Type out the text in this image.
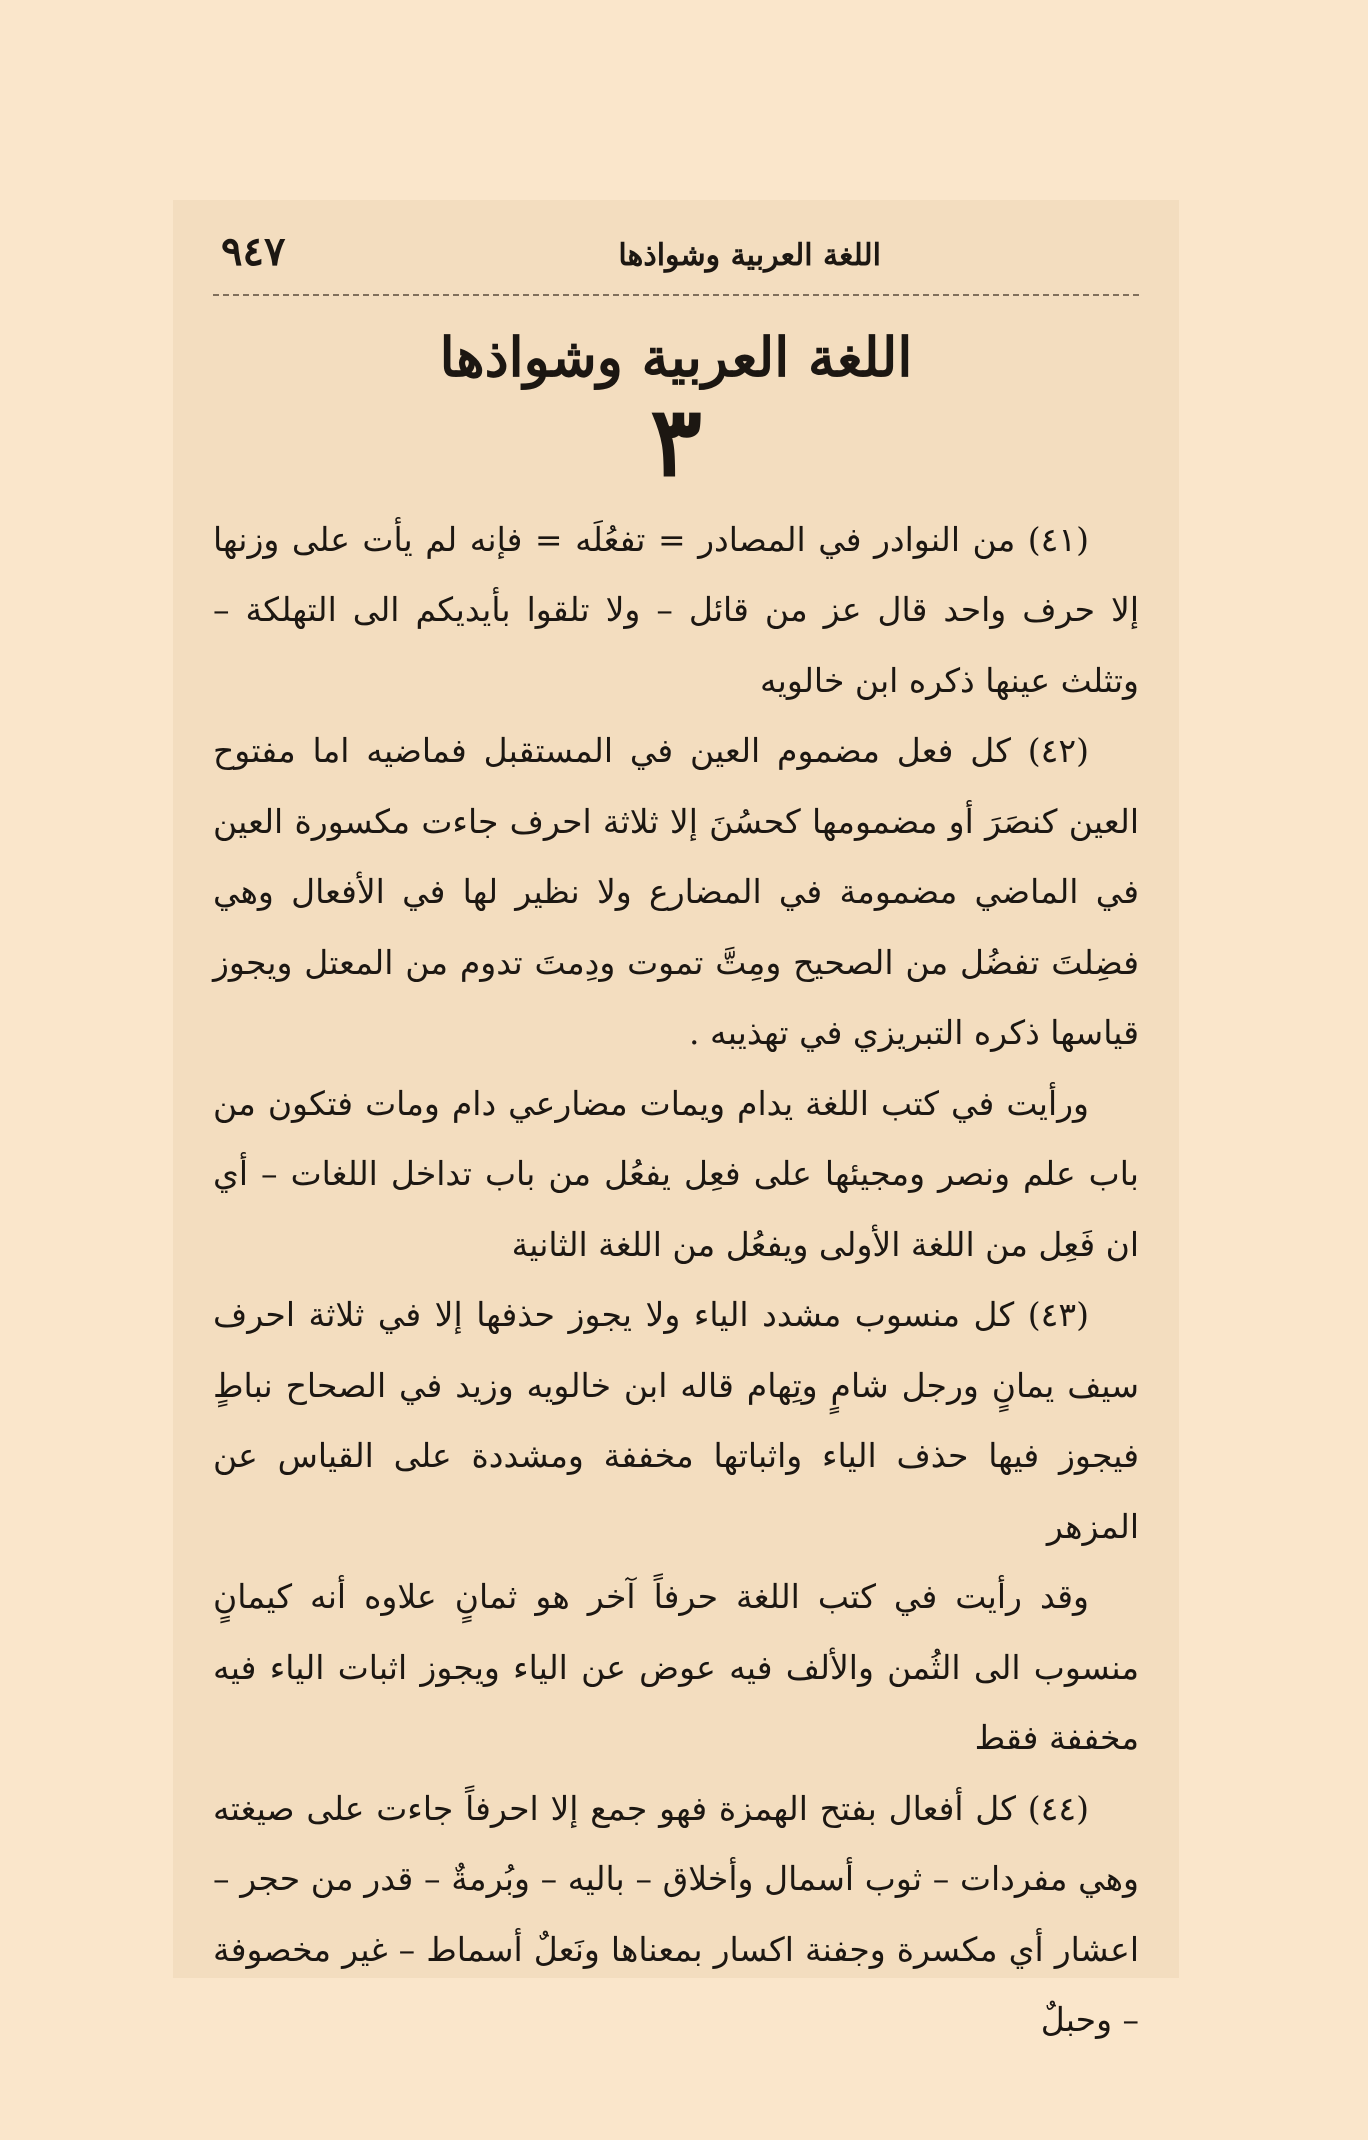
٩٤٧	اللغة العربية وشواذها
اللغة العربية وشواذها
٣

(٤١) من النوادر في المصادر = تفعُلَه = فإنه لم يأت على وزنها إلا حرف واحد قال عز من قائل – ولا تلقوا بأيديكم الى التهلكة – وتثلث عينها ذكره ابن خالويه

(٤٢) كل فعل مضموم العين في المستقبل فماضيه اما مفتوح العين كنصَرَ أو مضمومها كحسُنَ إلا ثلاثة احرف جاءت مكسورة العين في الماضي مضمومة في المضارع ولا نظير لها في الأفعال وهي فضِلتَ تفضُل من الصحيح ومِتَّ تموت ودِمتَ تدوم من المعتل ويجوز قياسها ذكره التبريزي في تهذيبه .

ورأيت في كتب اللغة يدام ويمات مضارعي دام ومات فتكون من باب علم ونصر ومجيئها على فعِل يفعُل من باب تداخل اللغات – أي ان فَعِل من اللغة الأولى ويفعُل من اللغة الثانية

(٤٣) كل منسوب مشدد الياء ولا يجوز حذفها إلا في ثلاثة احرف سيف يمانٍ ورجل شامٍ وتِهام قاله ابن خالويه وزيد في الصحاح نباطٍ فيجوز فيها حذف الياء واثباتها مخففة ومشددة على القياس عن المزهر

وقد رأيت في كتب اللغة حرفاً آخر هو ثمانٍ علاوه أنه كيمانٍ منسوب الى الثُمن والألف فيه عوض عن الياء ويجوز اثبات الياء فيه مخففة فقط

(٤٤) كل أفعال بفتح الهمزة فهو جمع إلا احرفاً جاءت على صيغته وهي مفردات – ثوب أسمال وأخلاق – باليه – وبُرمةٌ – قدر من حجر – اعشار أي مكسرة وجفنة اكسار بمعناها ونَعلٌ أسماط – غير مخصوفة – وحبلٌ
